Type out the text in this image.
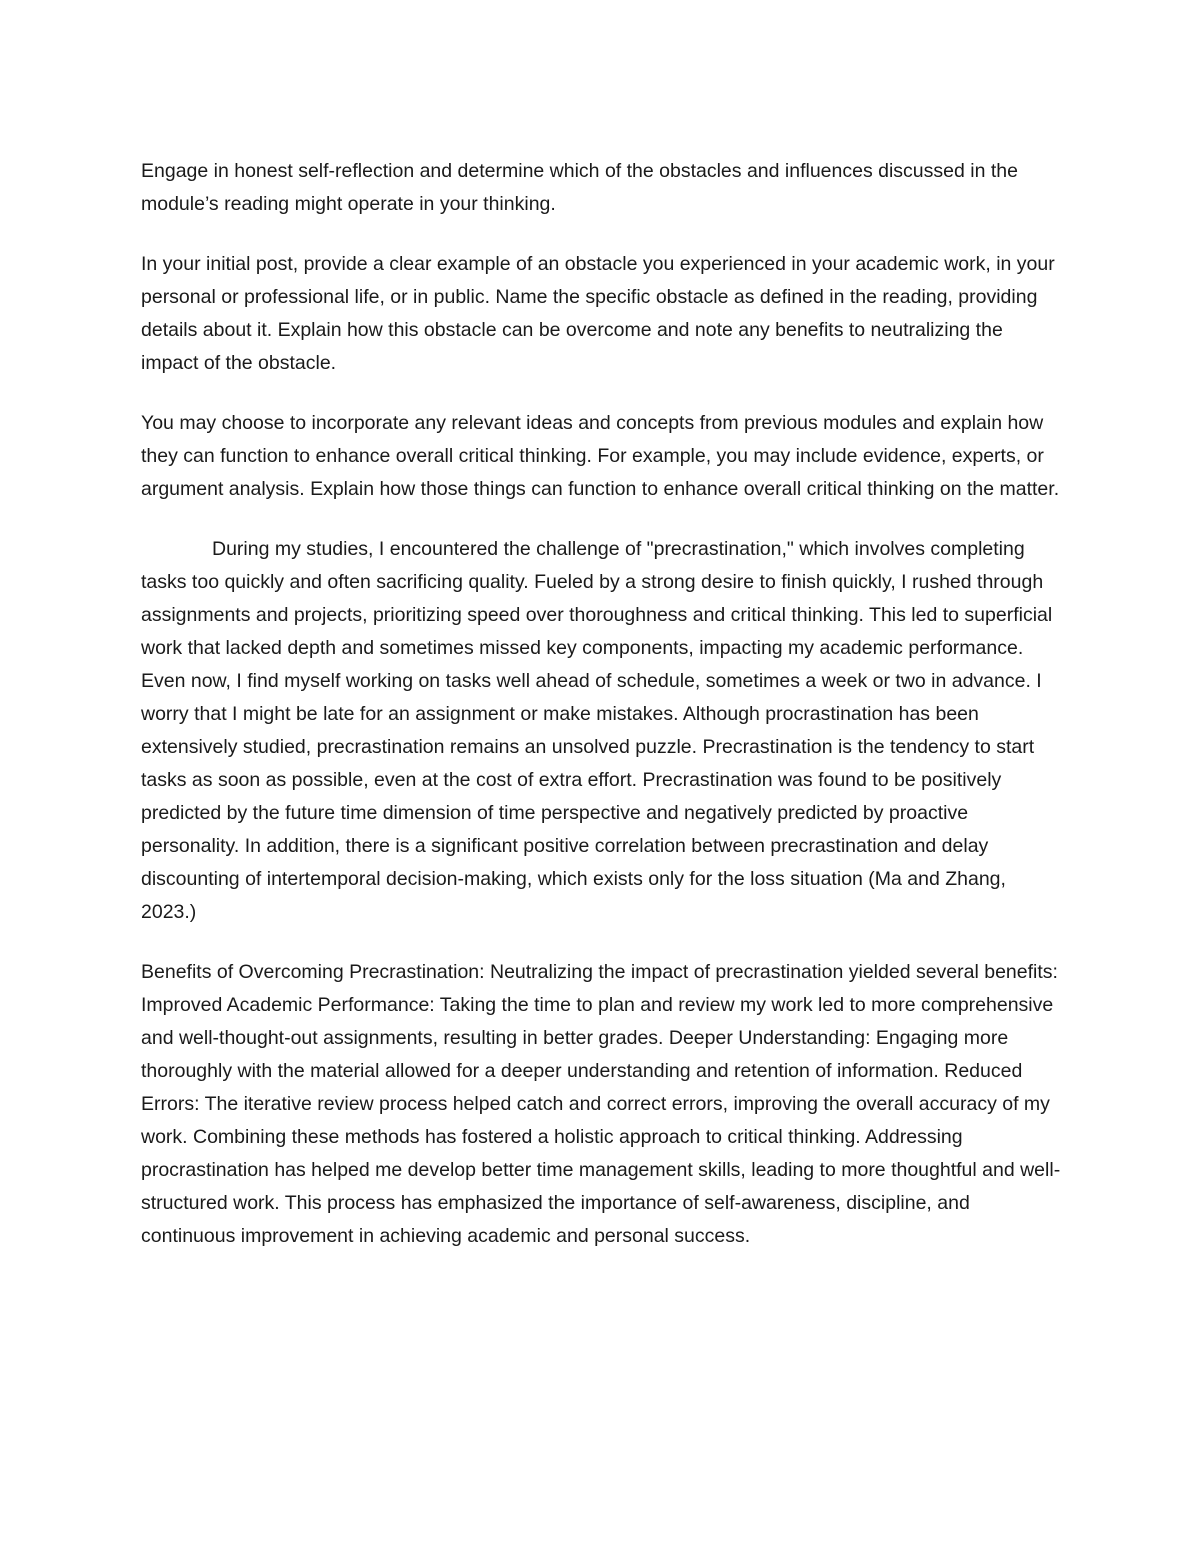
Engage in honest self-reflection and determine which of the obstacles and influences discussed in the module’s reading might operate in your thinking.

In your initial post, provide a clear example of an obstacle you experienced in your academic work, in your personal or professional life, or in public. Name the specific obstacle as defined in the reading, providing details about it. Explain how this obstacle can be overcome and note any benefits to neutralizing the impact of the obstacle.

You may choose to incorporate any relevant ideas and concepts from previous modules and explain how they can function to enhance overall critical thinking. For example, you may include evidence, experts, or argument analysis. Explain how those things can function to enhance overall critical thinking on the matter.

During my studies, I encountered the challenge of "precrastination," which involves completing tasks too quickly and often sacrificing quality. Fueled by a strong desire to finish quickly, I rushed through assignments and projects, prioritizing speed over thoroughness and critical thinking. This led to superficial work that lacked depth and sometimes missed key components, impacting my academic performance. Even now, I find myself working on tasks well ahead of schedule, sometimes a week or two in advance. I worry that I might be late for an assignment or make mistakes. Although procrastination has been extensively studied, precrastination remains an unsolved puzzle. Precrastination is the tendency to start tasks as soon as possible, even at the cost of extra effort. Precrastination was found to be positively predicted by the future time dimension of time perspective and negatively predicted by proactive personality. In addition, there is a significant positive correlation between precrastination and delay discounting of intertemporal decision-making, which exists only for the loss situation (Ma and Zhang, 2023.)

Benefits of Overcoming Precrastination: Neutralizing the impact of precrastination yielded several benefits: Improved Academic Performance: Taking the time to plan and review my work led to more comprehensive and well-thought-out assignments, resulting in better grades. Deeper Understanding: Engaging more thoroughly with the material allowed for a deeper understanding and retention of information. Reduced Errors: The iterative review process helped catch and correct errors, improving the overall accuracy of my work. Combining these methods has fostered a holistic approach to critical thinking. Addressing procrastination has helped me develop better time management skills, leading to more thoughtful and well-structured work. This process has emphasized the importance of self-awareness, discipline, and continuous improvement in achieving academic and personal success.
